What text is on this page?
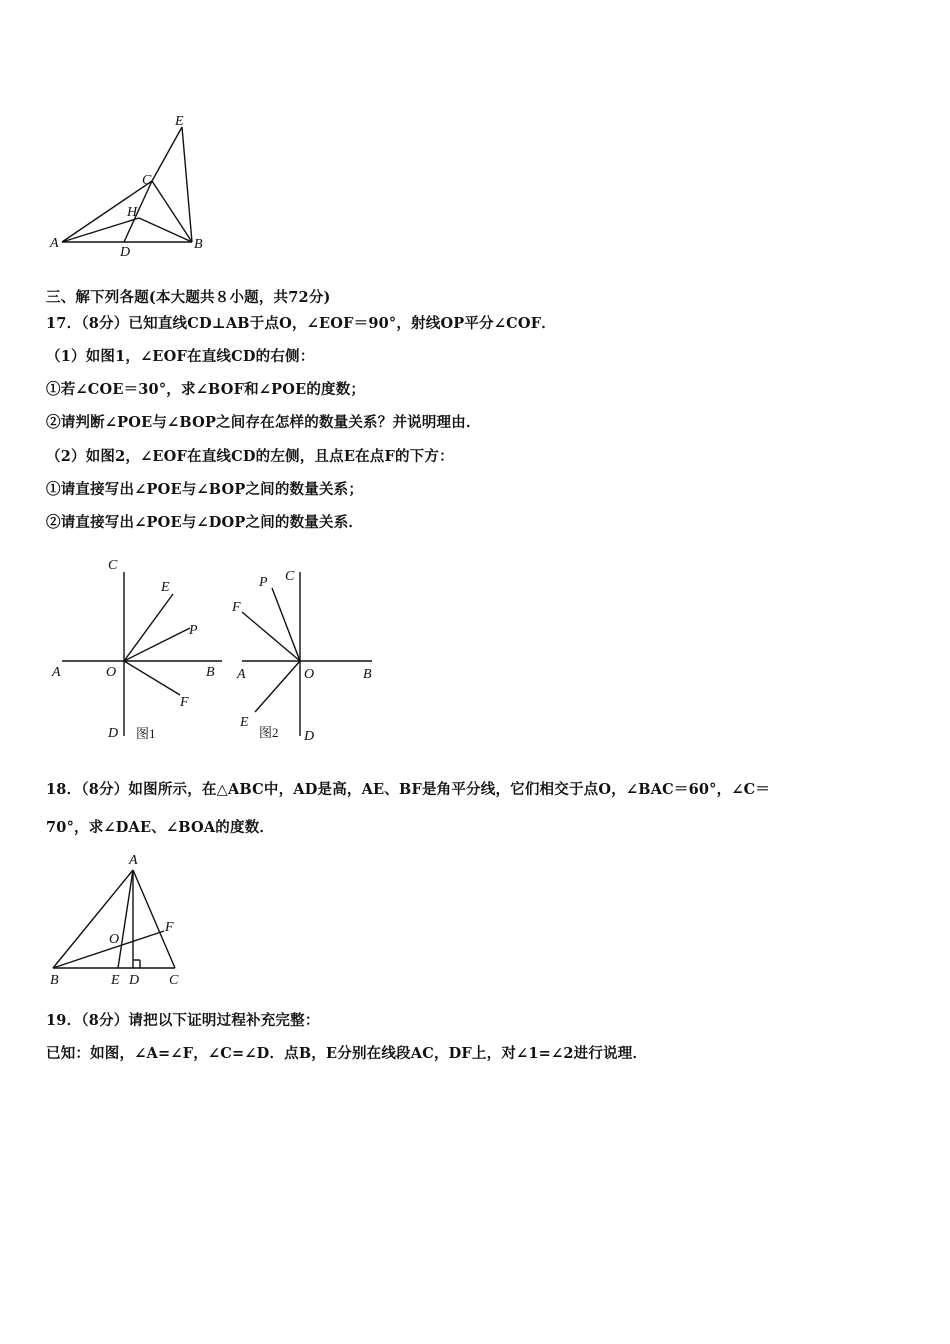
A	B
C
D
E
H
三、解下列各题(本大题共８小题，共72分)
17．（8分）已知直线CD⊥AB于点O，∠EOF＝90°，射线OP平分∠COF．
（1）如图1，∠EOF在直线CD的右侧：
①若∠COE＝30°，求∠BOF和∠POE的度数；
②请判断∠POE与∠BOP之间存在怎样的数量关系？并说明理由．
（2）如图2，∠EOF在直线CD的左侧，且点E在点F的下方：
①请直接写出∠POE与∠BOP之间的数量关系；
②请直接写出∠POE与∠DOP之间的数量关系．
A	B
C
D
E
F
O
P
图1
A	B
C
D
E
F
O
P
图2
18．（8分）如图所示，在△ABC中，AD是高，AE、BF是角平分线，它们相交于点O，∠BAC＝60°，∠C＝
70°，求∠DAE、∠BOA的度数．
A
B	C
D
E
F
O
19．（8分）请把以下证明过程补充完整：
已知：如图，∠A=∠F，∠C=∠D．点B，E分别在线段AC，DF上，对∠1=∠2进行说理．
